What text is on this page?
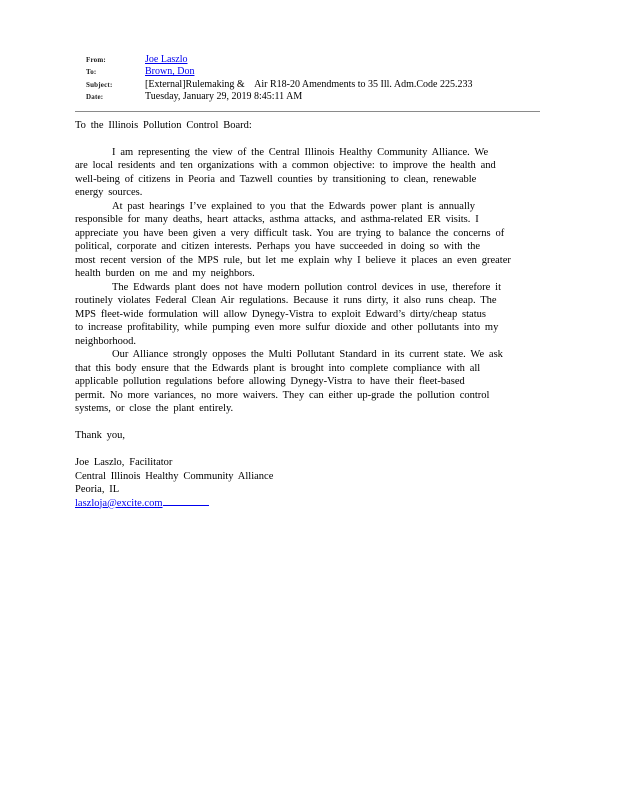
From:	Joe Laszlo
To:	Brown, Don
Subject:	[External]Rulemaking &    Air R18-20 Amendments to 35 Ill. Adm.Code 225.233
Date:	Tuesday, January 29, 2019 8:45:11 AM
To the Illinois Pollution Control Board:
I am representing the view of the Central Illinois Healthy Community Alliance. We
are local residents and ten organizations with a common objective: to improve the health and
well-being of citizens in Peoria and Tazwell counties by transitioning to clean, renewable
energy sources.
At past hearings I’ve explained to you that the Edwards power plant is annually
responsible for many deaths, heart attacks, asthma attacks, and asthma-related ER visits. I
appreciate you have been given a very difficult task. You are trying to balance the concerns of
political, corporate and citizen interests. Perhaps you have succeeded in doing so with the
most recent version of the MPS rule, but let me explain why I believe it places an even greater
health burden on me and my neighbors.
The Edwards plant does not have modern pollution control devices in use, therefore it
routinely violates Federal Clean Air regulations. Because it runs dirty, it also runs cheap. The
MPS fleet-wide formulation will allow Dynegy-Vistra to exploit Edward’s dirty/cheap status
to increase profitability, while pumping even more sulfur dioxide and other pollutants into my
neighborhood.
Our Alliance strongly opposes the Multi Pollutant Standard in its current state. We ask
that this body ensure that the Edwards plant is brought into complete compliance with all
applicable pollution regulations before allowing Dynegy-Vistra to have their fleet-based
permit. No more variances, no more waivers. They can either up-grade the pollution control
systems, or close the plant entirely.
Thank you,
Joe Laszlo, Facilitator
Central Illinois Healthy Community Alliance
Peoria, IL
laszloja@excite.com
